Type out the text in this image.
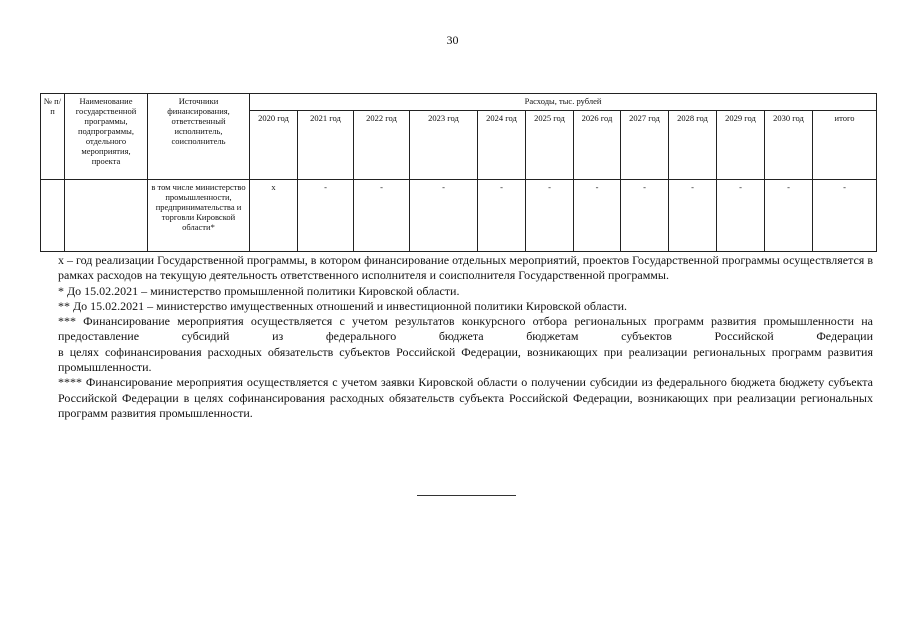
30
№ п/п	Наименование государственной программы, подпрограммы, отдельного мероприятия, проекта	Источники финансирования, ответственный исполнитель, соисполнитель	Расходы, тыс. рублей											
			2020 год	2021 год	2022 год	2023 год	2024 год	2025 год	2026 год	2027 год	2028 год	2029 год	2030 год	итого
		в том числе министерство промышленности, предпринимательства и торговли Кировской области*	х	-	-	-	-	-	-	-	-	-	-	-

х – год реализации Государственной программы, в котором финансирование отдельных мероприятий, проектов Государственной программы осуществляется в рамках расходов на текущую деятельность ответственного исполнителя и соисполнителя Государственной программы.

* До 15.02.2021 – министерство промышленной политики Кировской области.

** До 15.02.2021 – министерство имущественных отношений и инвестиционной политики Кировской области.

*** Финансирование мероприятия осуществляется с учетом результатов конкурсного отбора региональных программ развития промышленности на предоставление субсидий из федерального бюджета бюджетам субъектов Российской Федерации

в целях софинансирования расходных обязательств субъектов Российской Федерации, возникающих при реализации региональных программ развития промышленности.

**** Финансирование мероприятия осуществляется с учетом заявки Кировской области о получении субсидии из федерального бюджета бюджету субъекта Российской Федерации в целях софинансирования расходных обязательств субъекта Российской Федерации, возникающих при реализации региональных программ развития промышленности.
